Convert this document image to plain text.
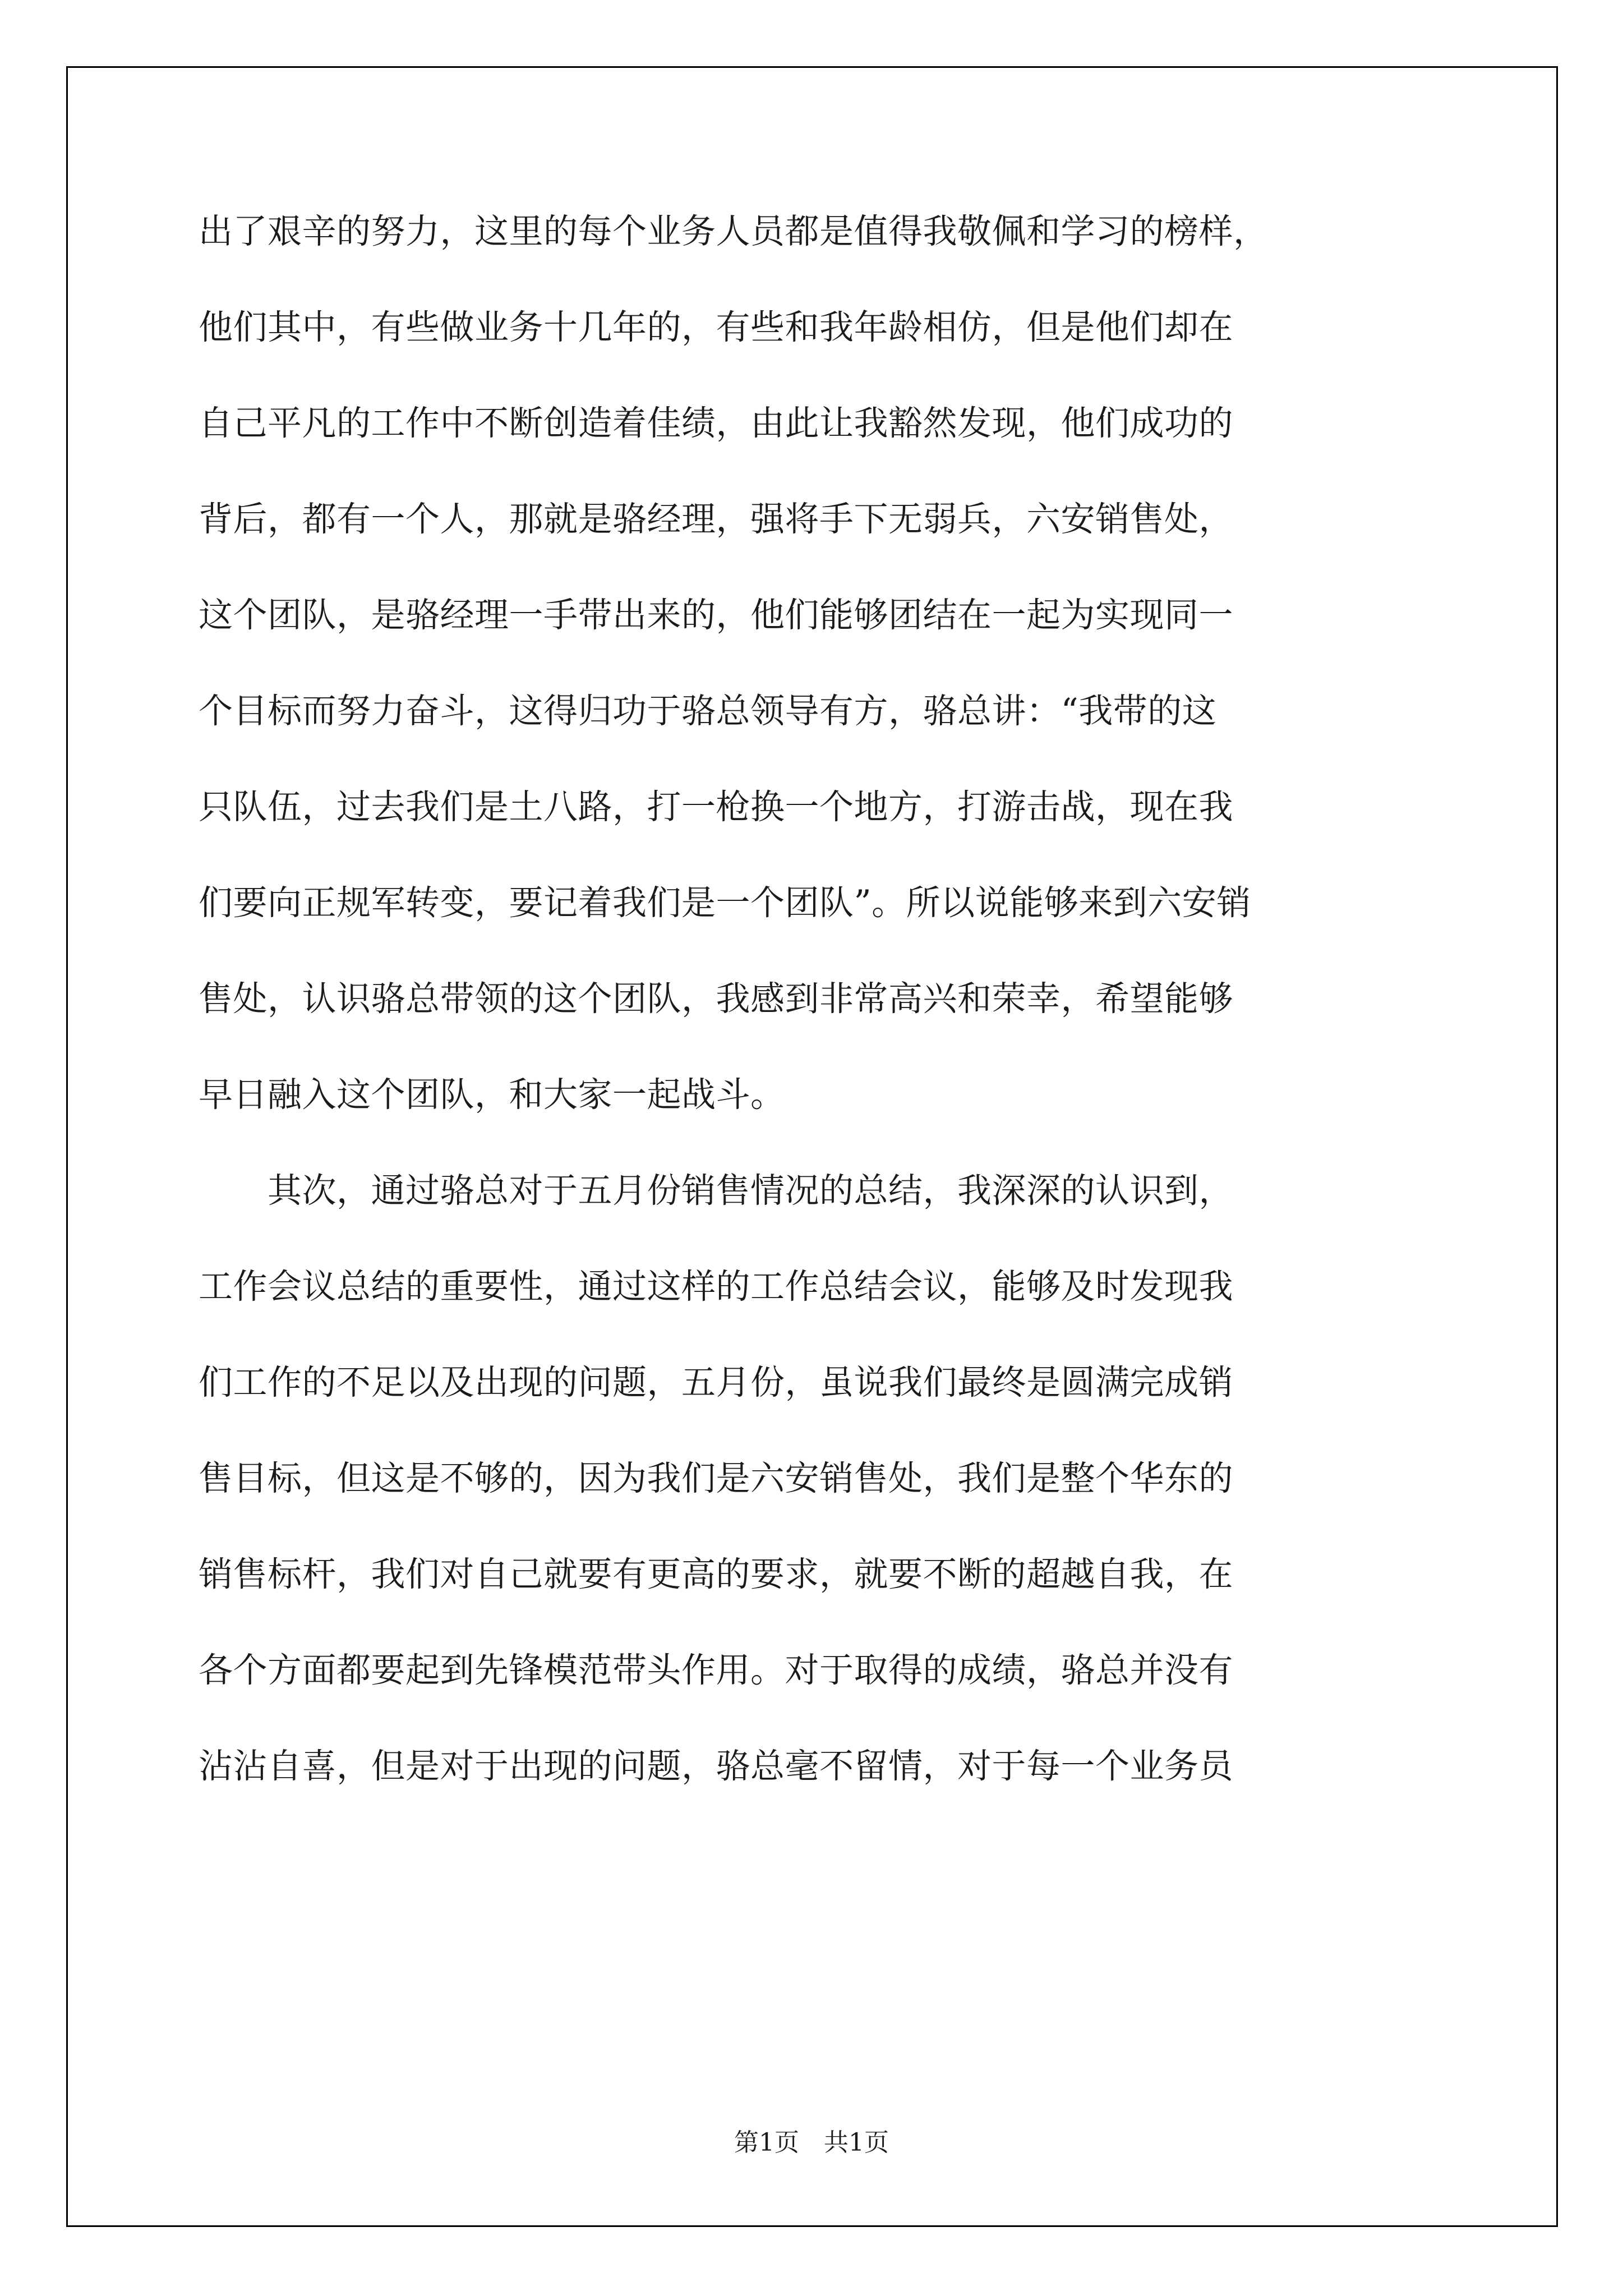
出了艰辛的努力，这里的每个业务人员都是值得我敬佩和学习的榜样，
他们其中，有些做业务十几年的，有些和我年龄相仿，但是他们却在
自己平凡的工作中不断创造着佳绩，由此让我豁然发现，他们成功的
背后，都有一个人，那就是骆经理，强将手下无弱兵，六安销售处，
这个团队，是骆经理一手带出来的，他们能够团结在一起为实现同一
个目标而努力奋斗，这得归功于骆总领导有方，骆总讲：“我带的这
只队伍，过去我们是土八路，打一枪换一个地方，打游击战，现在我
们要向正规军转变，要记着我们是一个团队”。所以说能够来到六安销
售处，认识骆总带领的这个团队，我感到非常高兴和荣幸，希望能够
早日融入这个团队，和大家一起战斗。
　　其次，通过骆总对于五月份销售情况的总结，我深深的认识到，
工作会议总结的重要性，通过这样的工作总结会议，能够及时发现我
们工作的不足以及出现的问题，五月份，虽说我们最终是圆满完成销
售目标，但这是不够的，因为我们是六安销售处，我们是整个华东的
销售标杆，我们对自己就要有更高的要求，就要不断的超越自我，在
各个方面都要起到先锋模范带头作用。对于取得的成绩，骆总并没有
沾沾自喜，但是对于出现的问题，骆总毫不留情，对于每一个业务员
第1页　共1页
